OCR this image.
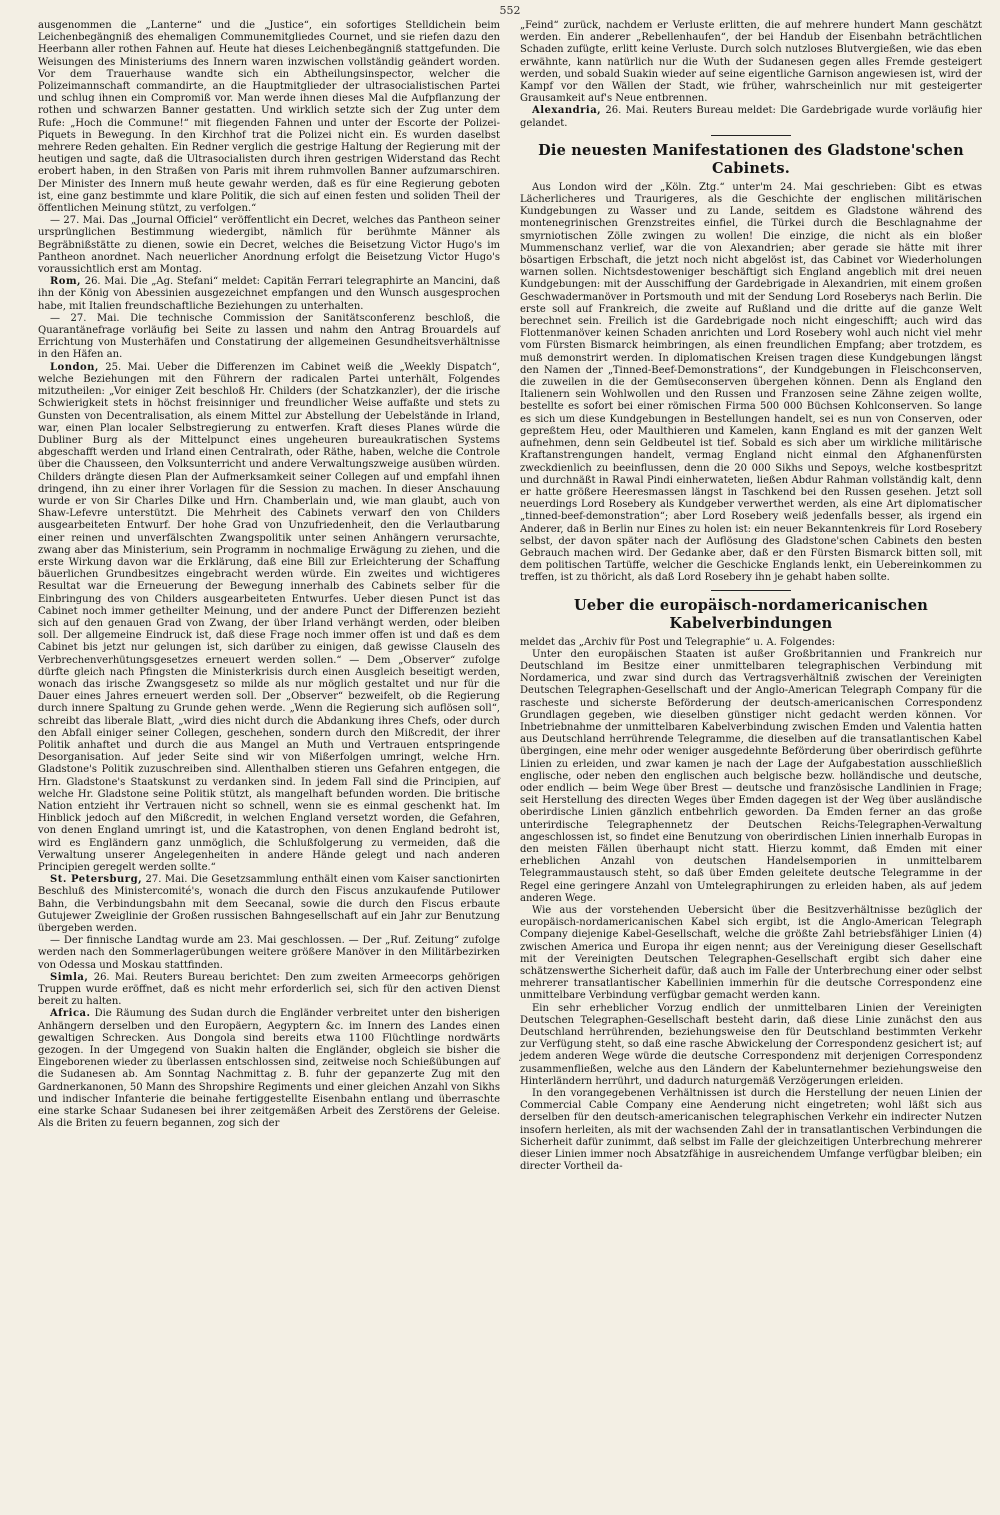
552

ausgenommen die „Lanterne“ und die „Justice“, ein sofortiges Stelldichein beim Leichenbegängniß des ehemaligen Communemitgliedes Cournet, und sie riefen dazu den Heerbann aller rothen Fahnen auf. Heute hat dieses Leichenbegängniß stattgefunden. Die Weisungen des Ministeriums des Innern waren inzwischen vollständig geändert worden. Vor dem Trauerhause wandte sich ein Abtheilungsinspector, welcher die Polizeimannschaft commandirte, an die Hauptmitglieder der ultrasocialistischen Partei und schlug ihnen ein Compromiß vor. Man werde ihnen dieses Mal die Aufpflanzung der rothen und schwarzen Banner gestatten. Und wirklich setzte sich der Zug unter dem Rufe: „Hoch die Commune!“ mit fliegenden Fahnen und unter der Escorte der Polizei-Piquets in Bewegung. In den Kirchhof trat die Polizei nicht ein. Es wurden daselbst mehrere Reden gehalten. Ein Redner verglich die gestrige Haltung der Regierung mit der heutigen und sagte, daß die Ultrasocialisten durch ihren gestrigen Widerstand das Recht erobert haben, in den Straßen von Paris mit ihrem ruhmvollen Banner aufzumarschiren. Der Minister des Innern muß heute gewahr werden, daß es für eine Regierung geboten ist, eine ganz bestimmte und klare Politik, die sich auf einen festen und soliden Theil der öffentlichen Meinung stützt, zu verfolgen.“

— 27. Mai. Das „Journal Officiel“ veröffentlicht ein Decret, welches das Pantheon seiner ursprünglichen Bestimmung wiedergibt, nämlich für berühmte Männer als Begräbnißstätte zu dienen, sowie ein Decret, welches die Beisetzung Victor Hugo's im Pantheon anordnet. Nach neuerlicher Anordnung erfolgt die Beisetzung Victor Hugo's voraussichtlich erst am Montag.

Rom, 26. Mai. Die „Ag. Stefani“ meldet: Capitän Ferrari telegraphirte an Mancini, daß ihn der König von Abessinien ausgezeichnet empfangen und den Wunsch ausgesprochen habe, mit Italien freundschaftliche Beziehungen zu unterhalten.

— 27. Mai. Die technische Commission der Sanitätsconferenz beschloß, die Quarantänefrage vorläufig bei Seite zu lassen und nahm den Antrag Brouardels auf Errichtung von Musterhäfen und Constatirung der allgemeinen Gesundheitsverhältnisse in den Häfen an.

London, 25. Mai. Ueber die Differenzen im Cabinet weiß die „Weekly Dispatch“, welche Beziehungen mit den Führern der radicalen Partei unterhält, Folgendes mitzutheilen: „Vor einiger Zeit beschloß Hr. Childers (der Schatzkanzler), der die irische Schwierigkeit stets in höchst freisinniger und freundlicher Weise auffaßte und stets zu Gunsten von Decentralisation, als einem Mittel zur Abstellung der Uebelstände in Irland, war, einen Plan localer Selbstregierung zu entwerfen. Kraft dieses Planes würde die Dubliner Burg als der Mittelpunct eines ungeheuren bureaukratischen Systems abgeschafft werden und Irland einen Centralrath, oder Räthe, haben, welche die Controle über die Chausseen, den Volksunterricht und andere Verwaltungszweige ausüben würden. Childers drängte diesen Plan der Aufmerksamkeit seiner Collegen auf und empfahl ihnen dringend, ihn zu einer ihrer Vorlagen für die Session zu machen. In dieser Anschauung wurde er von Sir Charles Dilke und Hrn. Chamberlain und, wie man glaubt, auch von Shaw-Lefevre unterstützt. Die Mehrheit des Cabinets verwarf den von Childers ausgearbeiteten Entwurf. Der hohe Grad von Unzufriedenheit, den die Verlautbarung einer reinen und unverfälschten Zwangspolitik unter seinen Anhängern verursachte, zwang aber das Ministerium, sein Programm in nochmalige Erwägung zu ziehen, und die erste Wirkung davon war die Erklärung, daß eine Bill zur Erleichterung der Schaffung bäuerlichen Grundbesitzes eingebracht werden würde. Ein zweites und wichtigeres Resultat war die Erneuerung der Bewegung innerhalb des Cabinets selber für die Einbringung des von Childers ausgearbeiteten Entwurfes. Ueber diesen Punct ist das Cabinet noch immer getheilter Meinung, und der andere Punct der Differenzen bezieht sich auf den genauen Grad von Zwang, der über Irland verhängt werden, oder bleiben soll. Der allgemeine Eindruck ist, daß diese Frage noch immer offen ist und daß es dem Cabinet bis jetzt nur gelungen ist, sich darüber zu einigen, daß gewisse Clauseln des Verbrechenverhütungsgesetzes erneuert werden sollen.“ — Dem „Observer“ zufolge dürfte gleich nach Pfingsten die Ministerkrisis durch einen Ausgleich beseitigt werden, wonach das irische Zwangsgesetz so milde als nur möglich gestaltet und nur für die Dauer eines Jahres erneuert werden soll. Der „Observer“ bezweifelt, ob die Regierung durch innere Spaltung zu Grunde gehen werde. „Wenn die Regierung sich auflösen soll“, schreibt das liberale Blatt, „wird dies nicht durch die Abdankung ihres Chefs, oder durch den Abfall einiger seiner Collegen, geschehen, sondern durch den Mißcredit, der ihrer Politik anhaftet und durch die aus Mangel an Muth und Vertrauen entspringende Desorganisation. Auf jeder Seite sind wir von Mißerfolgen umringt, welche Hrn. Gladstone's Politik zuzuschreiben sind. Allenthalben stieren uns Gefahren entgegen, die Hrn. Gladstone's Staatskunst zu verdanken sind. In jedem Fall sind die Principien, auf welche Hr. Gladstone seine Politik stützt, als mangelhaft befunden worden. Die britische Nation entzieht ihr Vertrauen nicht so schnell, wenn sie es einmal geschenkt hat. Im Hinblick jedoch auf den Mißcredit, in welchen England versetzt worden, die Gefahren, von denen England umringt ist, und die Katastrophen, von denen England bedroht ist, wird es Engländern ganz unmöglich, die Schlußfolgerung zu vermeiden, daß die Verwaltung unserer Angelegenheiten in andere Hände gelegt und nach anderen Principien geregelt werden sollte.“

St. Petersburg, 27. Mai. Die Gesetzsammlung enthält einen vom Kaiser sanctionirten Beschluß des Ministercomité's, wonach die durch den Fiscus anzukaufende Putilower Bahn, die Verbindungsbahn mit dem Seecanal, sowie die durch den Fiscus erbaute Gutujewer Zweiglinie der Großen russischen Bahngesellschaft auf ein Jahr zur Benutzung übergeben werden.

— Der finnische Landtag wurde am 23. Mai geschlossen. — Der „Ruf. Zeitung“ zufolge werden nach den Sommerlagerübungen weitere größere Manöver in den Militärbezirken von Odessa und Moskau stattfinden.

Simla, 26. Mai. Reuters Bureau berichtet: Den zum zweiten Armeecorps gehörigen Truppen wurde eröffnet, daß es nicht mehr erforderlich sei, sich für den activen Dienst bereit zu halten.

Africa. Die Räumung des Sudan durch die Engländer verbreitet unter den bisherigen Anhängern derselben und den Europäern, Aegyptern &c. im Innern des Landes einen gewaltigen Schrecken. Aus Dongola sind bereits etwa 1100 Flüchtlinge nordwärts gezogen. In der Umgegend von Suakin halten die Engländer, obgleich sie bisher die Eingeborenen wieder zu überlassen entschlossen sind, zeitweise noch Schießübungen auf die Sudanesen ab. Am Sonntag Nachmittag z. B. fuhr der gepanzerte Zug mit den Gardnerkanonen, 50 Mann des Shropshire Regiments und einer gleichen Anzahl von Sikhs und indischer Infanterie die beinahe fertiggestellte Eisenbahn entlang und überraschte eine starke Schaar Sudanesen bei ihrer zeitgemäßen Arbeit des Zerstörens der Geleise. Als die Briten zu feuern begannen, zog sich der

„Feind“ zurück, nachdem er Verluste erlitten, die auf mehrere hundert Mann geschätzt werden. Ein anderer „Rebellenhaufen“, der bei Handub der Eisenbahn beträchtlichen Schaden zufügte, erlitt keine Verluste. Durch solch nutzloses Blutvergießen, wie das eben erwähnte, kann natürlich nur die Wuth der Sudanesen gegen alles Fremde gesteigert werden, und sobald Suakin wieder auf seine eigentliche Garnison angewiesen ist, wird der Kampf vor den Wällen der Stadt, wie früher, wahrscheinlich nur mit gesteigerter Grausamkeit auf's Neue entbrennen.

Alexandria, 26. Mai. Reuters Bureau meldet: Die Gardebrigade wurde vorläufig hier gelandet.

Die neuesten Manifestationen des Gladstone'schen Cabinets.

Aus London wird der „Köln. Ztg.“ unter'm 24. Mai geschrieben: Gibt es etwas Lächerlicheres und Traurigeres, als die Geschichte der englischen militärischen Kundgebungen zu Wasser und zu Lande, seitdem es Gladstone während des montenegrinischen Grenzstreites einfiel, die Türkei durch die Beschlagnahme der smyrniotischen Zölle zwingen zu wollen! Die einzige, die nicht als ein bloßer Mummenschanz verlief, war die von Alexandrien; aber gerade sie hätte mit ihrer bösartigen Erbschaft, die jetzt noch nicht abgelöst ist, das Cabinet vor Wiederholungen warnen sollen. Nichtsdestoweniger beschäftigt sich England angeblich mit drei neuen Kundgebungen: mit der Ausschiffung der Gardebrigade in Alexandrien, mit einem großen Geschwadermanöver in Portsmouth und mit der Sendung Lord Roseberys nach Berlin. Die erste soll auf Frankreich, die zweite auf Rußland und die dritte auf die ganze Welt berechnet sein. Freilich ist die Gardebrigade noch nicht eingeschifft; auch wird das Flottenmanöver keinen Schaden anrichten und Lord Rosebery wohl auch nicht viel mehr vom Fürsten Bismarck heimbringen, als einen freundlichen Empfang; aber trotzdem, es muß demonstrirt werden. In diplomatischen Kreisen tragen diese Kundgebungen längst den Namen der „Tinned-Beef-Demonstrations“, der Kundgebungen in Fleischconserven, die zuweilen in die der Gemüseconserven übergehen können. Denn als England den Italienern sein Wohlwollen und den Russen und Franzosen seine Zähne zeigen wollte, bestellte es sofort bei einer römischen Firma 500 000 Büchsen Kohlconserven. So lange es sich um diese Kundgebungen in Bestellungen handelt, sei es nun von Conserven, oder gepreßtem Heu, oder Maulthieren und Kamelen, kann England es mit der ganzen Welt aufnehmen, denn sein Geldbeutel ist tief. Sobald es sich aber um wirkliche militärische Kraftanstrengungen handelt, vermag England nicht einmal den Afghanenfürsten zweckdienlich zu beeinflussen, denn die 20 000 Sikhs und Sepoys, welche kostbespritzt und durchnäßt in Rawal Pindi einherwateten, ließen Abdur Rahman vollständig kalt, denn er hatte größere Heeresmassen längst in Taschkend bei den Russen gesehen. Jetzt soll neuerdings Lord Rosebery als Kundgeber verwerthet werden, als eine Art diplomatischer „tinned-beef-demonstration“; aber Lord Rosebery weiß jedenfalls besser, als irgend ein Anderer, daß in Berlin nur Eines zu holen ist: ein neuer Bekanntenkreis für Lord Rosebery selbst, der davon später nach der Auflösung des Gladstone'schen Cabinets den besten Gebrauch machen wird. Der Gedanke aber, daß er den Fürsten Bismarck bitten soll, mit dem politischen Tartüffe, welcher die Geschicke Englands lenkt, ein Uebereinkommen zu treffen, ist zu thöricht, als daß Lord Rosebery ihn je gehabt haben sollte.

Ueber die europäisch-nordamericanischen Kabelverbindungen

meldet das „Archiv für Post und Telegraphie“ u. A. Folgendes:

Unter den europäischen Staaten ist außer Großbritannien und Frankreich nur Deutschland im Besitze einer unmittelbaren telegraphischen Verbindung mit Nordamerica, und zwar sind durch das Vertragsverhältniß zwischen der Vereinigten Deutschen Telegraphen-Gesellschaft und der Anglo-American Telegraph Company für die rascheste und sicherste Beförderung der deutsch-americanischen Correspondenz Grundlagen gegeben, wie dieselben günstiger nicht gedacht werden können. Vor Inbetriebnahme der unmittelbaren Kabelverbindung zwischen Emden und Valentia hatten aus Deutschland herrührende Telegramme, die dieselben auf die transatlantischen Kabel übergingen, eine mehr oder weniger ausgedehnte Beförderung über oberirdisch geführte Linien zu erleiden, und zwar kamen je nach der Lage der Aufgabestation ausschließlich englische, oder neben den englischen auch belgische bezw. holländische und deutsche, oder endlich — beim Wege über Brest — deutsche und französische Landlinien in Frage; seit Herstellung des directen Weges über Emden dagegen ist der Weg über ausländische oberirdische Linien gänzlich entbehrlich geworden. Da Emden ferner an das große unterirdische Telegraphennetz der Deutschen Reichs-Telegraphen-Verwaltung angeschlossen ist, so findet eine Benutzung von oberirdischen Linien innerhalb Europas in den meisten Fällen überhaupt nicht statt. Hierzu kommt, daß Emden mit einer erheblichen Anzahl von deutschen Handelsemporien in unmittelbarem Telegrammaustausch steht, so daß über Emden geleitete deutsche Telegramme in der Regel eine geringere Anzahl von Umtelegraphirungen zu erleiden haben, als auf jedem anderen Wege.

Wie aus der vorstehenden Uebersicht über die Besitzverhältnisse bezüglich der europäisch-nordamericanischen Kabel sich ergibt, ist die Anglo-American Telegraph Company diejenige Kabel-Gesellschaft, welche die größte Zahl betriebsfähiger Linien (4) zwischen America und Europa ihr eigen nennt; aus der Vereinigung dieser Gesellschaft mit der Vereinigten Deutschen Telegraphen-Gesellschaft ergibt sich daher eine schätzenswerthe Sicherheit dafür, daß auch im Falle der Unterbrechung einer oder selbst mehrerer transatlantischer Kabellinien immerhin für die deutsche Correspondenz eine unmittelbare Verbindung verfügbar gemacht werden kann.

Ein sehr erheblicher Vorzug endlich der unmittelbaren Linien der Vereinigten Deutschen Telegraphen-Gesellschaft besteht darin, daß diese Linie zunächst den aus Deutschland herrührenden, beziehungsweise den für Deutschland bestimmten Verkehr zur Verfügung steht, so daß eine rasche Abwickelung der Correspondenz gesichert ist; auf jedem anderen Wege würde die deutsche Correspondenz mit derjenigen Correspondenz zusammenfließen, welche aus den Ländern der Kabelunternehmer beziehungsweise den Hinterländern herrührt, und dadurch naturgemäß Verzögerungen erleiden.

In den vorangegebenen Verhältnissen ist durch die Herstellung der neuen Linien der Commercial Cable Company eine Aenderung nicht eingetreten; wohl läßt sich aus derselben für den deutsch-americanischen telegraphischen Verkehr ein indirecter Nutzen insofern herleiten, als mit der wachsenden Zahl der in transatlantischen Verbindungen die Sicherheit dafür zunimmt, daß selbst im Falle der gleichzeitigen Unterbrechung mehrerer dieser Linien immer noch Absatzfähige in ausreichendem Umfange verfügbar bleiben; ein directer Vortheil da-
